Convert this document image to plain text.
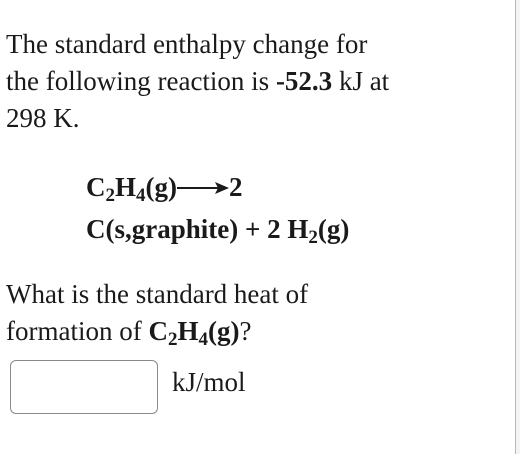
The standard enthalpy change for
the following reaction is -52.3 kJ at
298 K.
$C_2H_4(g)\to 2$
C(s,graphite) + 2 $H_2(g)$
What is the standard heat of
formation of $C_2H_4(g)$?
kJ/mol
